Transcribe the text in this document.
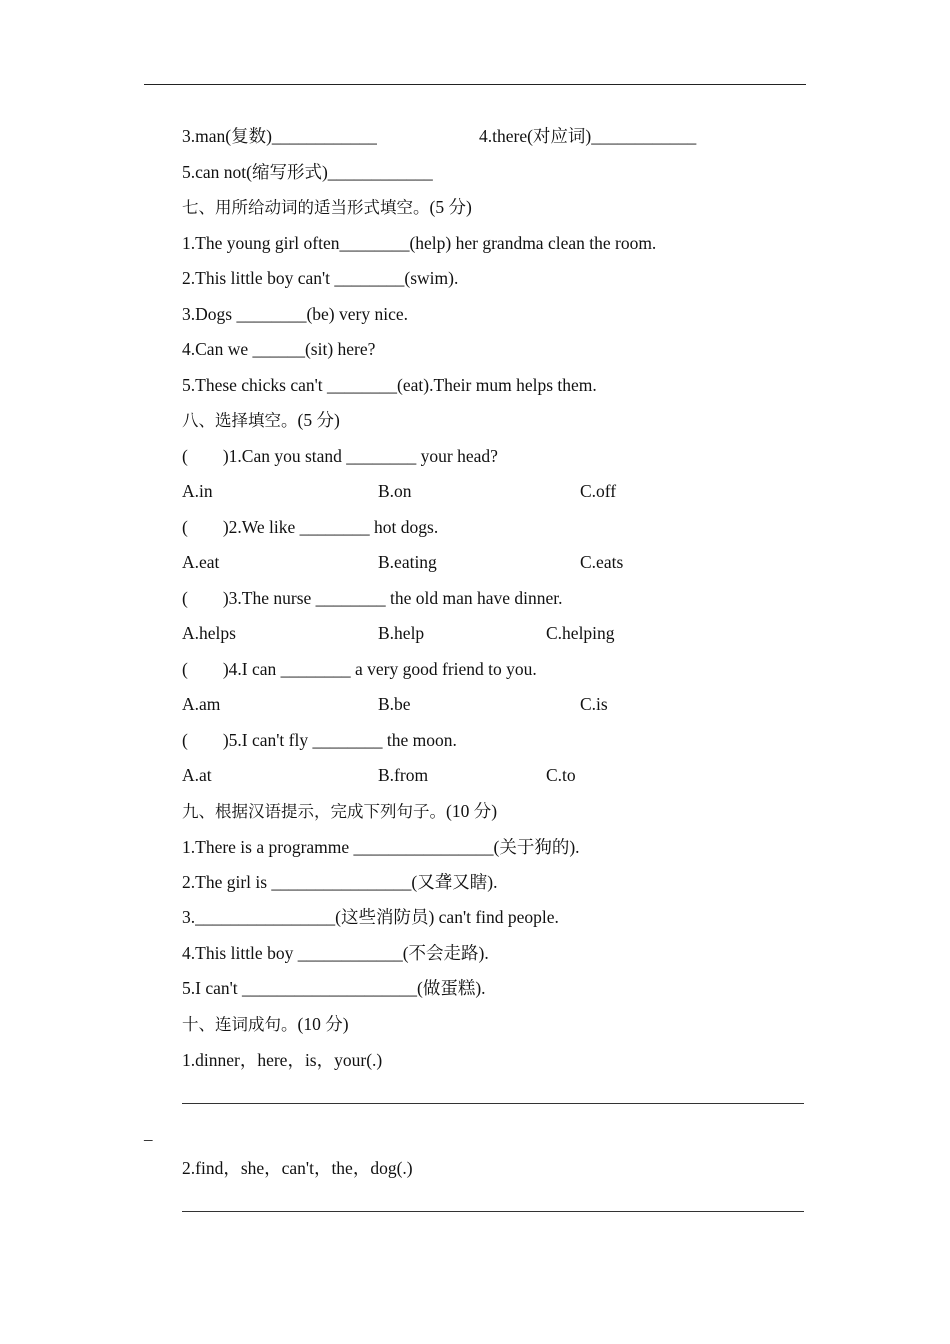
3.man(复数)____________	4.there(对应词)____________
5.can not(缩写形式)____________
七、用所给动词的适当形式填空。(5 分)
1.The young girl often________(help) her grandma clean the room.
2.This little boy can't ________(swim).
3.Dogs ________(be) very nice.
4.Can we ______(sit) here?
5.These chicks can't ________(eat).Their mum helps them.
八、选择填空。(5 分)
(        )1.Can you stand ________ your head?
A.in	B.on	C.off
(        )2.We like ________ hot dogs.
A.eat	B.eating	C.eats
(        )3.The nurse ________ the old man have dinner.
A.helps	B.help	C.helping
(        )4.I can ________ a very good friend to you.
A.am	B.be	C.is
(        )5.I can't fly ________ the moon.
A.at	B.from	C.to
九、根据汉语提示，完成下列句子。(10 分)
1.There is a programme ________________(关于狗的).
2.The girl is ________________(又聋又瞎).
3.________________(这些消防员) can't find people.
4.This little boy ____________(不会走路).
5.I can't ____________________(做蛋糕).
十、连词成句。(10 分)
1.dinner，here，is，your(.)
_
2.find，she，can't，the，dog(.)
